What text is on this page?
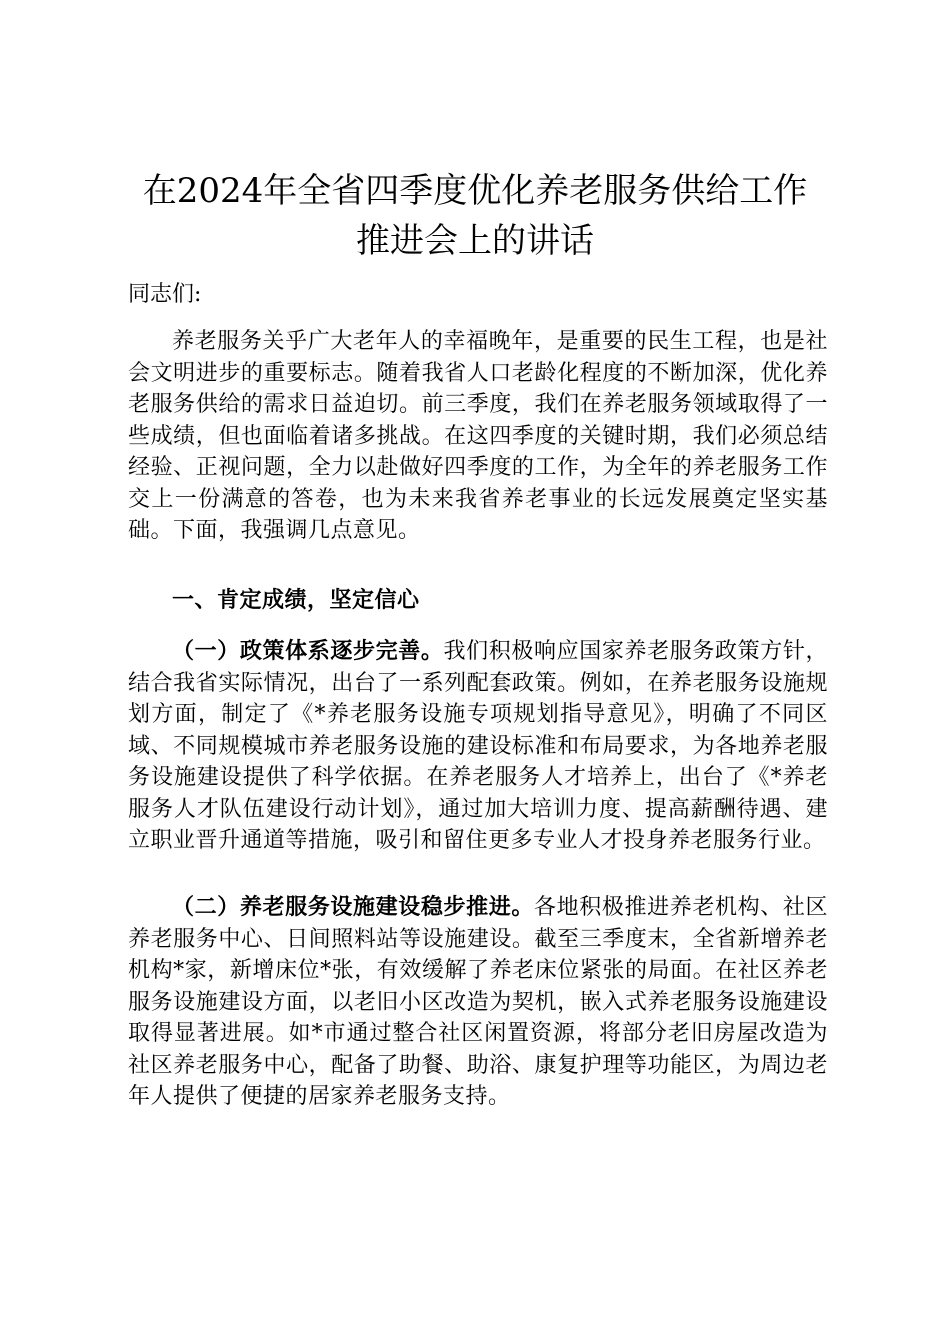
在2024年全省四季度优化养老服务供给工作
推进会上的讲话

同志们:

养老服务关乎广大老年人的幸福晚年，是重要的民生工程，也是社会文明进步的重要标志。随着我省人口老龄化程度的不断加深，优化养老服务供给的需求日益迫切。前三季度，我们在养老服务领域取得了一些成绩，但也面临着诸多挑战。在这四季度的关键时期，我们必须总结经验、正视问题，全力以赴做好四季度的工作，为全年的养老服务工作交上一份满意的答卷，也为未来我省养老事业的长远发展奠定坚实基础。下面，我强调几点意见。

一、肯定成绩，坚定信心

（一）政策体系逐步完善。我们积极响应国家养老服务政策方针，结合我省实际情况，出台了一系列配套政策。例如，在养老服务设施规划方面，制定了《*养老服务设施专项规划指导意见》，明确了不同区域、不同规模城市养老服务设施的建设标准和布局要求，为各地养老服务设施建设提供了科学依据。在养老服务人才培养上，出台了《*养老服务人才队伍建设行动计划》，通过加大培训力度、提高薪酬待遇、建立职业晋升通道等措施，吸引和留住更多专业人才投身养老服务行业。

（二）养老服务设施建设稳步推进。各地积极推进养老机构、社区养老服务中心、日间照料站等设施建设。截至三季度末，全省新增养老机构*家，新增床位*张，有效缓解了养老床位紧张的局面。在社区养老服务设施建设方面，以老旧小区改造为契机，嵌入式养老服务设施建设取得显著进展。如*市通过整合社区闲置资源，将部分老旧房屋改造为社区养老服务中心，配备了助餐、助浴、康复护理等功能区，为周边老年人提供了便捷的居家养老服务支持。
